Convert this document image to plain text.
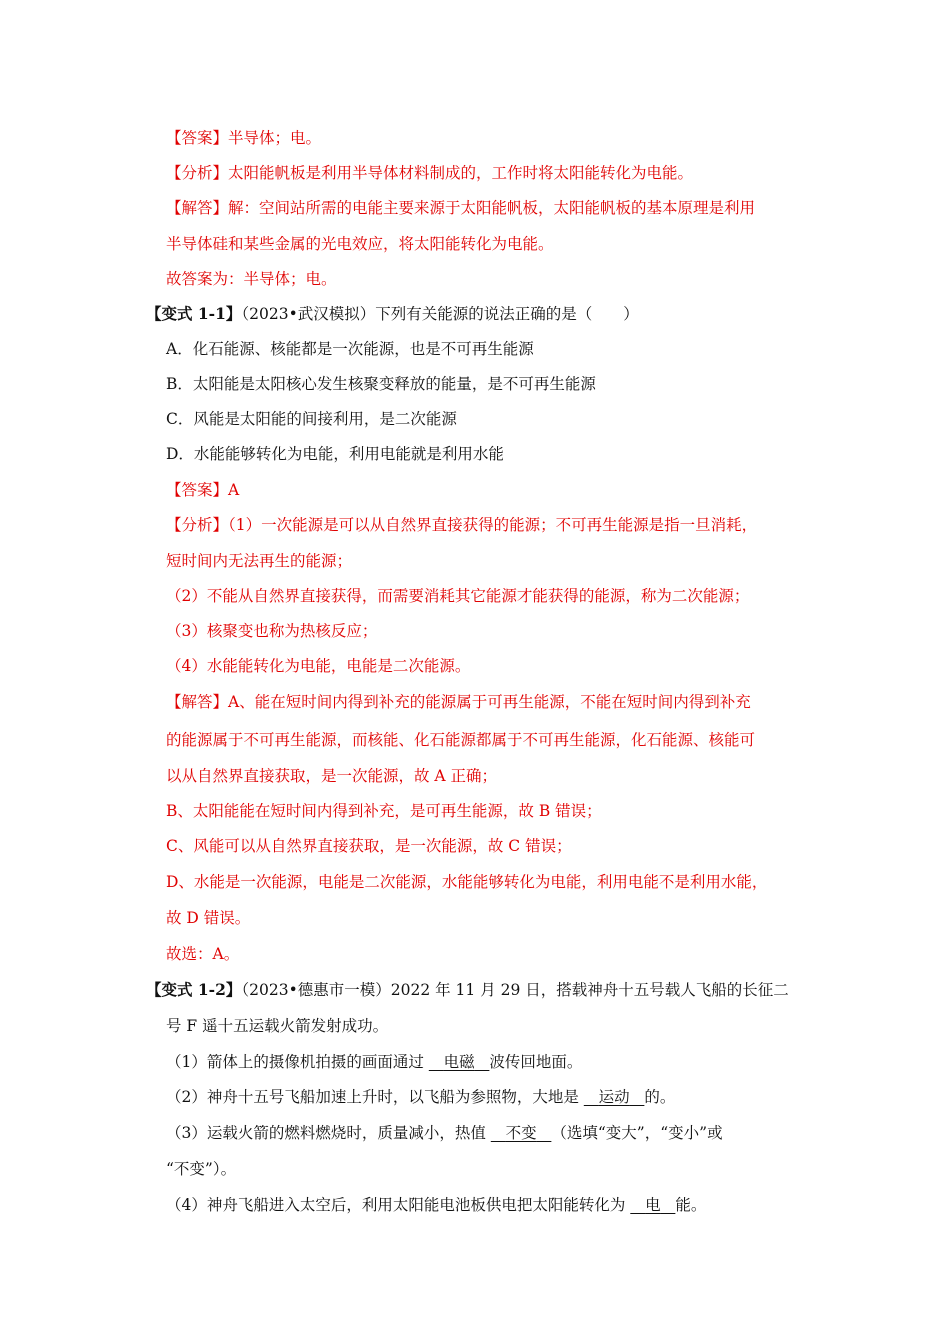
【答案】半导体；电。
【分析】太阳能帆板是利用半导体材料制成的，工作时将太阳能转化为电能。
【解答】解：空间站所需的电能主要来源于太阳能帆板，太阳能帆板的基本原理是利用
半导体硅和某些金属的光电效应，将太阳能转化为电能。
故答案为：半导体；电。
【变式 1-1】（2023•武汉模拟）下列有关能源的说法正确的是（　　）
A．化石能源、核能都是一次能源，也是不可再生能源
B．太阳能是太阳核心发生核聚变释放的能量，是不可再生能源
C．风能是太阳能的间接利用，是二次能源
D．水能能够转化为电能，利用电能就是利用水能
【答案】A
【分析】（1）一次能源是可以从自然界直接获得的能源；不可再生能源是指一旦消耗，
短时间内无法再生的能源；
（2）不能从自然界直接获得，而需要消耗其它能源才能获得的能源，称为二次能源；
（3）核聚变也称为热核反应；
（4）水能能转化为电能，电能是二次能源。
【解答】A、能在短时间内得到补充的能源属于可再生能源，不能在短时间内得到补充
的能源属于不可再生能源，而核能、化石能源都属于不可再生能源，化石能源、核能可
以从自然界直接获取，是一次能源，故 A 正确；
B、太阳能能在短时间内得到补充，是可再生能源，故 B 错误；
C、风能可以从自然界直接获取，是一次能源，故 C 错误；
D、水能是一次能源，电能是二次能源，水能能够转化为电能，利用电能不是利用水能，
故 D 错误。
故选：A。
【变式 1-2】（2023•德惠市一模）2022 年 11 月 29 日，搭载神舟十五号载人飞船的长征二
号 F 遥十五运载火箭发射成功。
（1）箭体上的摄像机拍摄的画面通过 电磁 波传回地面。
（2）神舟十五号飞船加速上升时，以飞船为参照物，大地是 运动 的。
（3）运载火箭的燃料燃烧时，质量减小，热值 不变 （选填“变大”，“变小”或
“不变”）。
（4）神舟飞船进入太空后，利用太阳能电池板供电把太阳能转化为 电 能。
